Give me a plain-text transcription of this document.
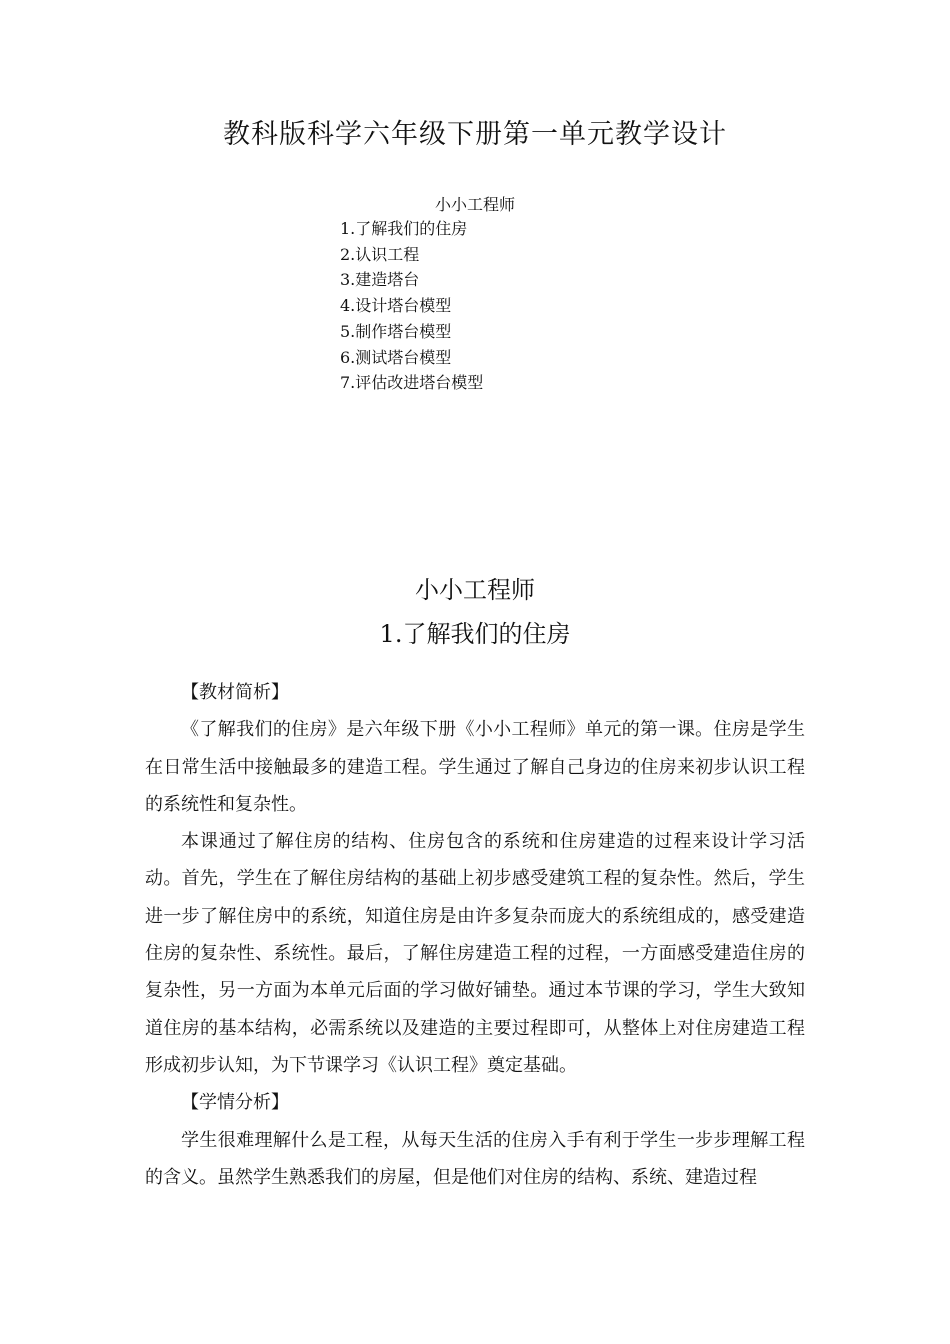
教科版科学六年级下册第一单元教学设计
小小工程师
1.了解我们的住房
2.认识工程
3.建造塔台
4.设计塔台模型
5.制作塔台模型
6.测试塔台模型
7.评估改进塔台模型
小小工程师
1.了解我们的住房

【教材简析】

《了解我们的住房》是六年级下册《小小工程师》单元的第一课。住房是学生在日常生活中接触最多的建造工程。学生通过了解自己身边的住房来初步认识工程的系统性和复杂性。

本课通过了解住房的结构、住房包含的系统和住房建造的过程来设计学习活动。首先，学生在了解住房结构的基础上初步感受建筑工程的复杂性。然后，学生进一步了解住房中的系统，知道住房是由许多复杂而庞大的系统组成的，感受建造住房的复杂性、系统性。最后，了解住房建造工程的过程，一方面感受建造住房的复杂性，另一方面为本单元后面的学习做好铺垫。通过本节课的学习，学生大致知道住房的基本结构，必需系统以及建造的主要过程即可，从整体上对住房建造工程形成初步认知，为下节课学习《认识工程》奠定基础。

【学情分析】

学生很难理解什么是工程，从每天生活的住房入手有利于学生一步步理解工程的含义。虽然学生熟悉我们的房屋，但是他们对住房的结构、系统、建造过程
